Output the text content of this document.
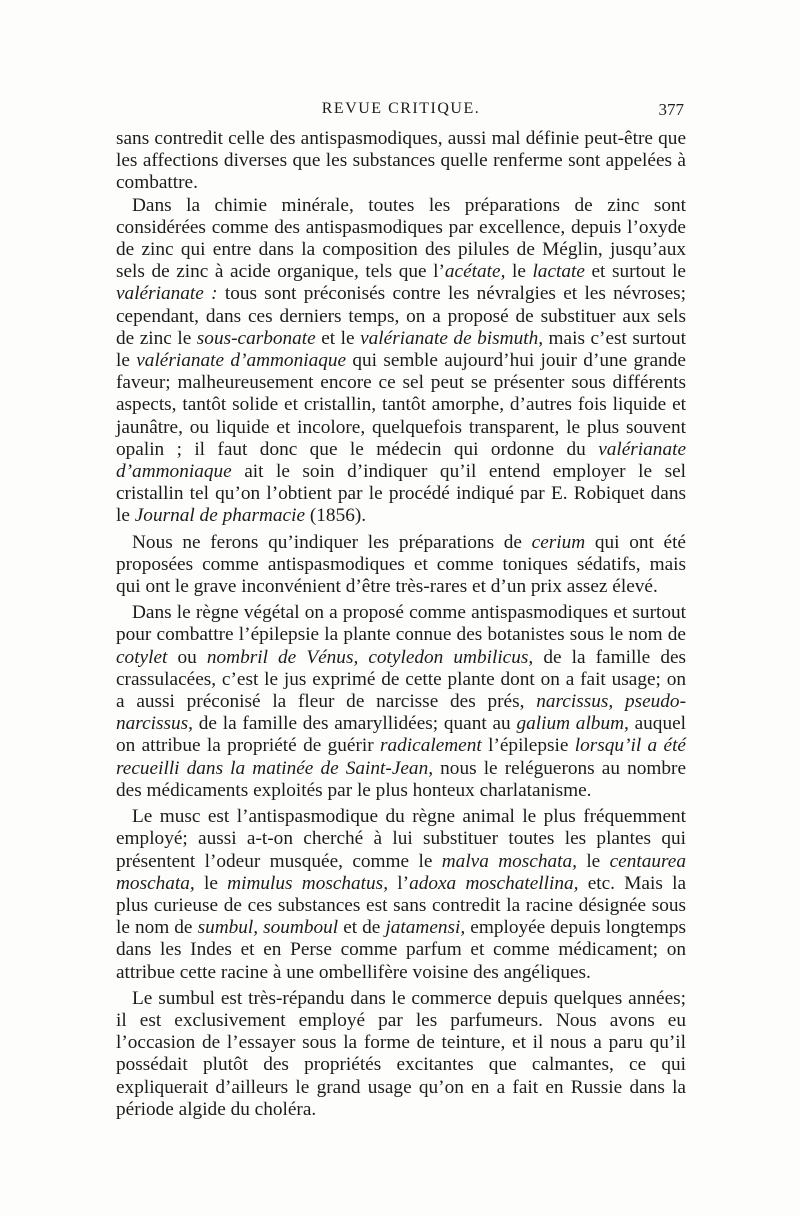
REVUE CRITIQUE.	377

sans contredit celle des antispasmodiques, aussi mal définie peut-être que les affections diverses que les substances quelle renferme sont appelées à combattre.

Dans la chimie minérale, toutes les préparations de zinc sont considérées comme des antispasmodiques par excellence, depuis l’oxyde de zinc qui entre dans la composition des pilules de Méglin, jusqu’aux sels de zinc à acide organique, tels que l’acétate, le lactate et surtout le valérianate : tous sont préconisés contre les névralgies et les névroses; cependant, dans ces derniers temps, on a proposé de substituer aux sels de zinc le sous-carbonate et le valérianate de bismuth, mais c’est surtout le valérianate d’ammoniaque qui semble aujourd’hui jouir d’une grande faveur; malheureusement encore ce sel peut se présenter sous différents aspects, tantôt solide et cristallin, tantôt amorphe, d’autres fois liquide et jaunâtre, ou liquide et incolore, quelquefois transparent, le plus souvent opalin ; il faut donc que le médecin qui ordonne du valérianate d’ammoniaque ait le soin d’indiquer qu’il entend employer le sel cristallin tel qu’on l’obtient par le procédé indiqué par E. Robiquet dans le Journal de pharmacie (1856).

Nous ne ferons qu’indiquer les préparations de cerium qui ont été proposées comme antispasmodiques et comme toniques sédatifs, mais qui ont le grave inconvénient d’être très-rares et d’un prix assez élevé.

Dans le règne végétal on a proposé comme antispasmodiques et surtout pour combattre l’épilepsie la plante connue des botanistes sous le nom de cotylet ou nombril de Vénus, cotyledon umbilicus, de la famille des crassulacées, c’est le jus exprimé de cette plante dont on a fait usage; on a aussi préconisé la fleur de narcisse des prés, narcissus, pseudo-narcissus, de la famille des amaryllidées; quant au galium album, auquel on attribue la propriété de guérir radicalement l’épilepsie lorsqu’il a été recueilli dans la matinée de Saint-Jean, nous le reléguerons au nombre des médicaments exploités par le plus honteux charlatanisme.

Le musc est l’antispasmodique du règne animal le plus fréquemment employé; aussi a-t-on cherché à lui substituer toutes les plantes qui présentent l’odeur musquée, comme le malva moschata, le centaurea moschata, le mimulus moschatus, l’adoxa moschatellina, etc. Mais la plus curieuse de ces substances est sans contredit la racine désignée sous le nom de sumbul, soumboul et de jatamensi, employée depuis longtemps dans les Indes et en Perse comme parfum et comme médicament; on attribue cette racine à une ombellifère voisine des angéliques.

Le sumbul est très-répandu dans le commerce depuis quelques années; il est exclusivement employé par les parfumeurs. Nous avons eu l’occasion de l’essayer sous la forme de teinture, et il nous a paru qu’il possédait plutôt des propriétés excitantes que calmantes, ce qui expliquerait d’ailleurs le grand usage qu’on en a fait en Russie dans la période algide du choléra.
